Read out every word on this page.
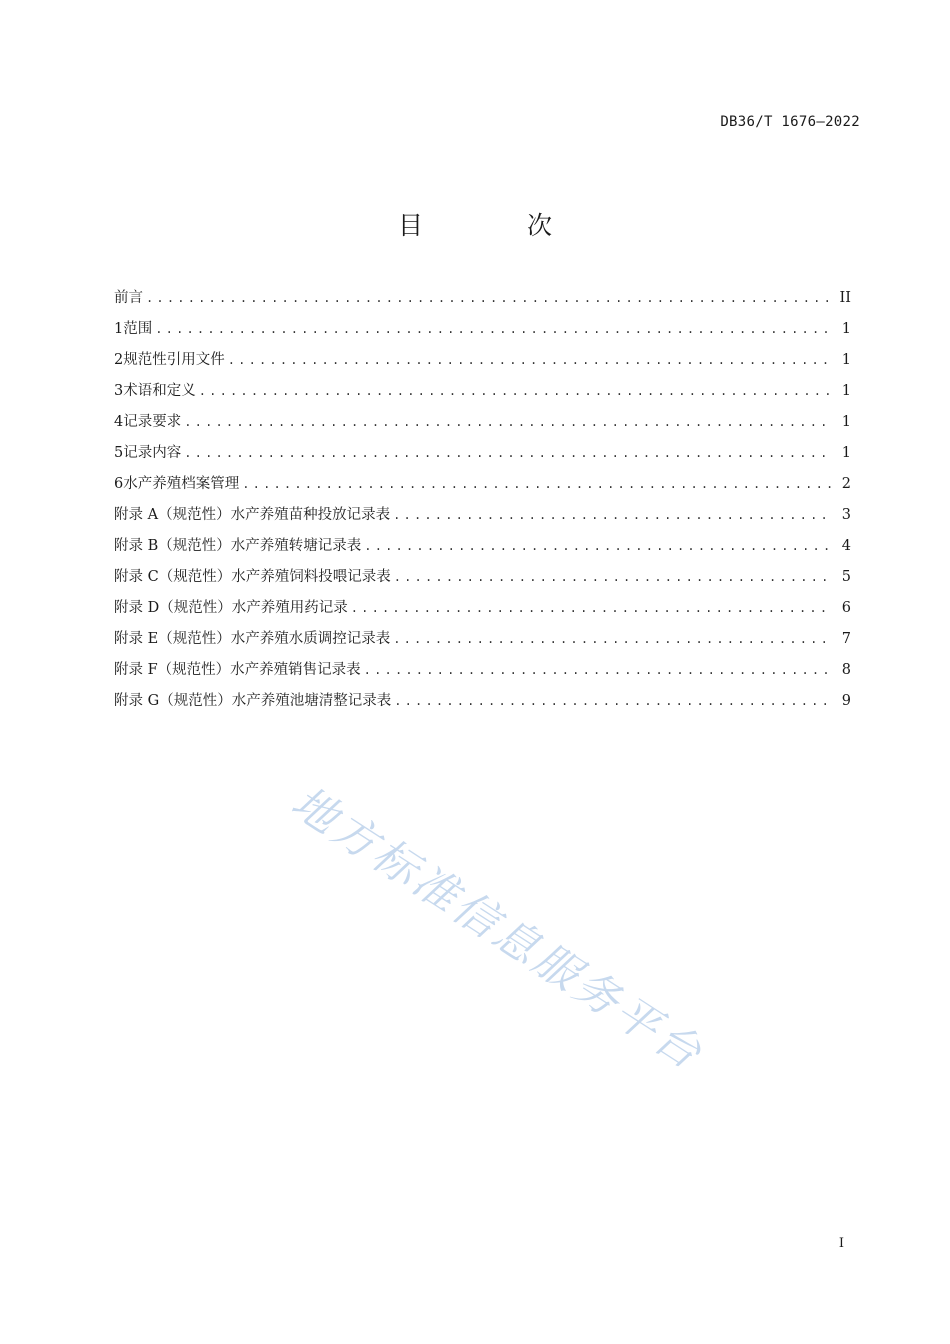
DB36/T 1676—2022
目 次
前言 .....	II
1 范围 .....	1
2 规范性引用文件 .....	1
3 术语和定义 .....	1
4 记录要求 .....	1
5 记录内容 .....	1
6 水产养殖档案管理 .....	2
附录 A（规范性）水产养殖苗种投放记录表 .....	3
附录 B（规范性）水产养殖转塘记录表 .....	4
附录 C（规范性）水产养殖饲料投喂记录表 .....	5
附录 D（规范性）水产养殖用药记录 .....	6
附录 E（规范性）水产养殖水质调控记录表 .....	7
附录 F（规范性）水产养殖销售记录表 .....	8
附录 G（规范性）水产养殖池塘清整记录表 .....	9
地方标准信息服务平台
I
